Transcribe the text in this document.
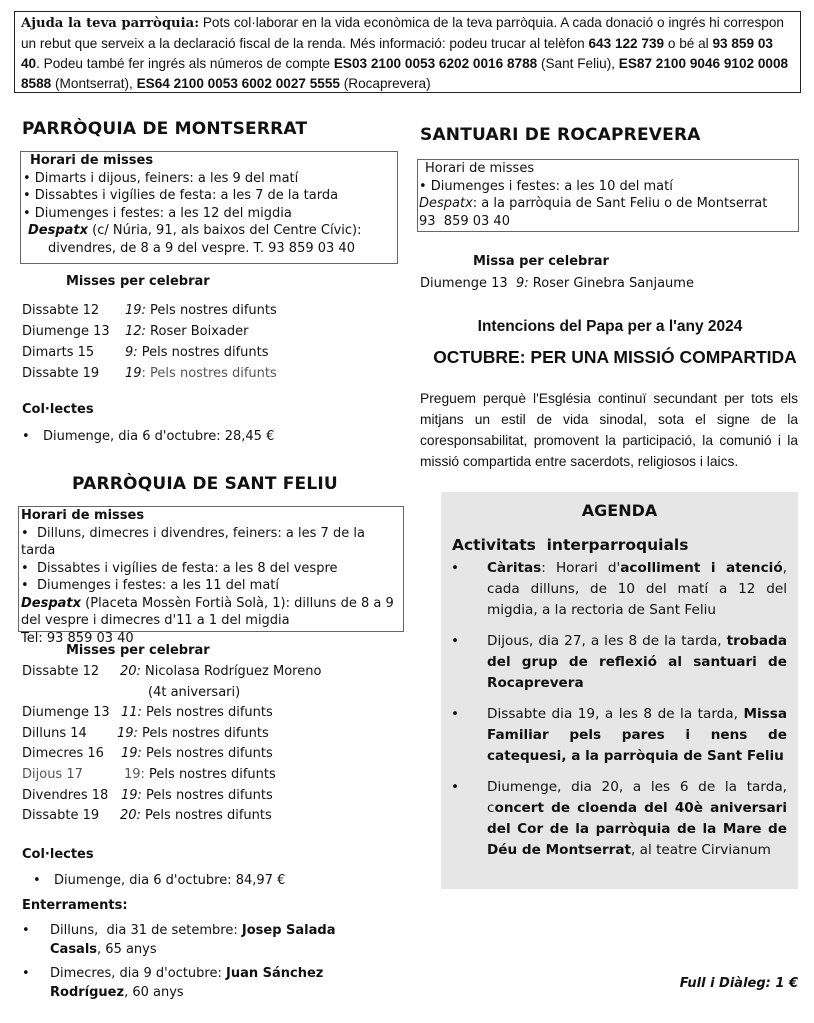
Ajuda la teva parròquia: Pots col·laborar en la vida econòmica de la teva parròquia. A cada donació o ingrés hi correspon un rebut que serveix a la declaració fiscal de la renda. Més informació: podeu trucar al telèfon 643 122 739 o bé al 93 859 03 40. Podeu també fer ingrés als números de compte ES03 2100 0053 6202 0016 8788 (Sant Feliu), ES87 2100 9046 9102 0008 8588 (Montserrat), ES64 2100 0053 6002 0027 5555 (Rocaprevera)
PARRÒQUIA DE MONTSERRAT
Horari de misses
• Dimarts i dijous, feiners: a les 9 del matí
• Dissabtes i vigílies de festa: a les 7 de la tarda
• Diumenges i festes: a les 12 del migdia
Despatx (c/ Núria, 91, als baixos del Centre Cívic):
divendres, de 8 a 9 del vespre. T. 93 859 03 40
Misses per celebrar
Dissabte 12 19: Pels nostres difunts
Diumenge 13 12: Roser Boixader
Dimarts 15 9: Pels nostres difunts
Dissabte 19 19: Pels nostres difunts
Col·lectes
• Diumenge, dia 6 d'octubre: 28,45 €
SANTUARI DE ROCAPREVERA
Horari de misses
• Diumenges i festes: a les 10 del matí
Despatx: a la parròquia de Sant Feliu o de Montserrat
93  859 03 40
Missa per celebrar
Diumenge 13 9: Roser Ginebra Sanjaume
Intencions del Papa per a l'any 2024
OCTUBRE: PER UNA MISSIÓ COMPARTIDA
Preguem perquè l'Església continuï secundant per tots els mitjans un estil de vida sinodal, sota el signe de la coresponsabilitat, promovent la participació, la comunió i la missió compartida entre sacerdots, religiosos i laics.
PARRÒQUIA DE SANT FELIU
Horari de misses
• Dilluns, dimecres i divendres, feiners: a les 7 de la tarda
• Dissabtes i vigílies de festa: a les 8 del vespre
• Diumenges i festes: a les 11 del matí
Despatx (Placeta Mossèn Fortià Solà, 1): dilluns de 8 a 9 del vespre i dimecres d'11 a 1 del migdia
Tel: 93 859 03 40
Misses per celebrar
Dissabte 12 20: Nicolasa Rodríguez Moreno
(4t aniversari)
Diumenge 13 11: Pels nostres difunts
Dilluns 14 19: Pels nostres difunts
Dimecres 16 19: Pels nostres difunts
Dijous 17	19: Pels nostres difunts
Divendres 18 19: Pels nostres difunts
Dissabte 19 20: Pels nostres difunts
Col·lectes
• Diumenge, dia 6 d'octubre: 84,97 €
Enterraments:
• Dilluns,  dia 31 de setembre: Josep Salada Casals, 65 anys
• Dimecres, dia 9 d'octubre: Juan Sánchez Rodríguez, 60 anys
AGENDA
Activitats  interparroquials
• Càritas: Horari d'acolliment i atenció, cada dilluns, de 10 del matí a 12 del migdia, a la rectoria de Sant Feliu
• Dijous, dia 27, a les 8 de la tarda, trobada del grup de reflexió al santuari de Rocaprevera
• Dissabte dia 19, a les 8 de la tarda, Missa Familiar pels pares i nens de catequesi, a la parròquia de Sant Feliu
• Diumenge, dia 20, a les 6 de la tarda, concert de cloenda del 40è aniversari del Cor de la parròquia de la Mare de Déu de Montserrat, al teatre Cirvianum
Full i Diàleg: 1 €
